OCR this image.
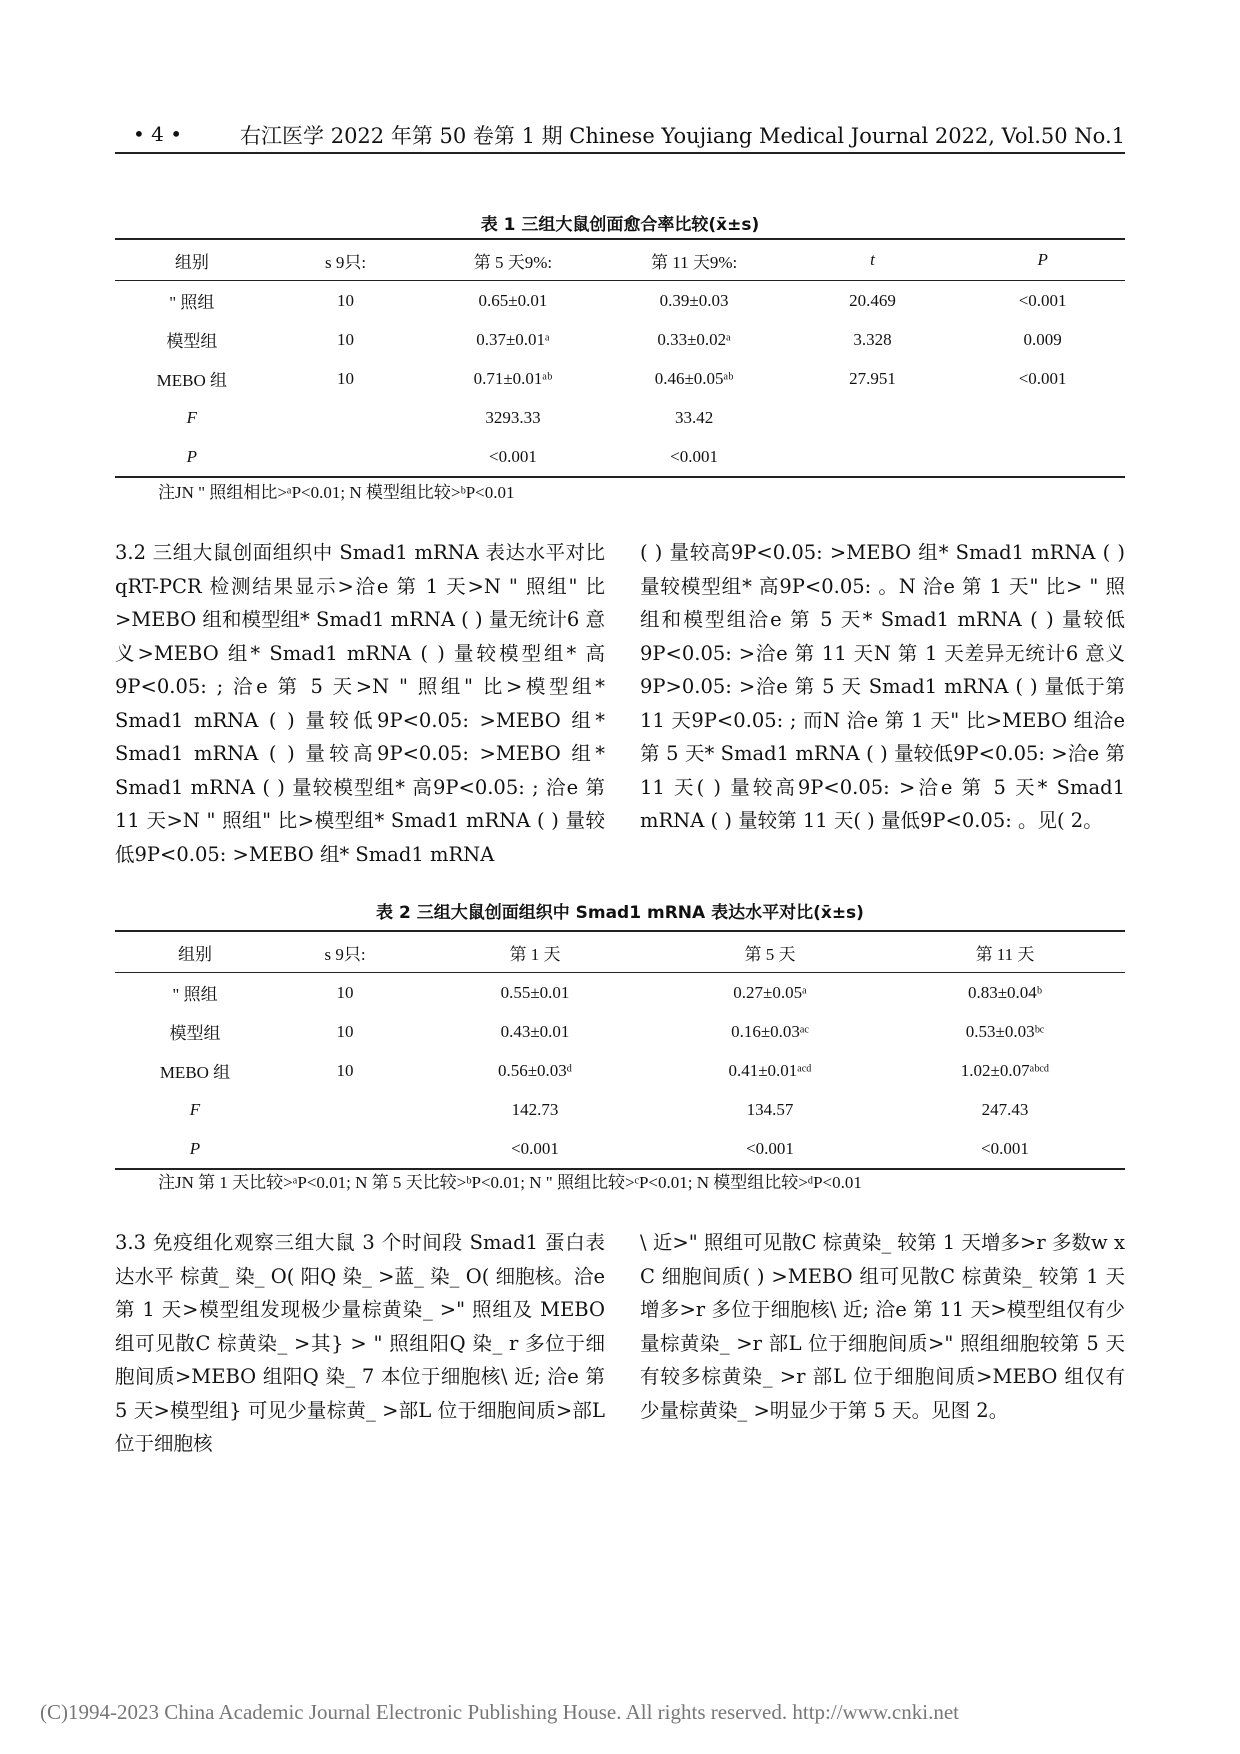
• 4 •	右江医学 2022 年第 50 卷第 1 期 Chinese Youjiang Medical Journal 2022, Vol.50 No.1
表 1 三组大鼠创面愈合率比较(x̄±s)
组别	s 9只:	第 5 天9%:	第 11 天9%:	t	P
" 照组	10	0.65±0.01	0.39±0.03	20.469	<0.001
模型组	10	0.37±0.01ᵃ	0.33±0.02ᵃ	3.328	0.009
MEBO 组	10	0.71±0.01ᵃᵇ	0.46±0.05ᵃᵇ	27.951	<0.001
F		3293.33	33.42		
P		<0.001	<0.001		
注JN " 照组相比>ᵃP<0.01; N 模型组比较>ᵇP<0.01
3.2 三组大鼠创面组织中 Smad1 mRNA 表达水平对比 qRT-PCR 检测结果显示>洽e 第 1 天>N " 照组" 比>MEBO 组和模型组* Smad1 mRNA ( ) 量无统计6 意义>MEBO 组* Smad1 mRNA ( ) 量较模型组* 高9P<0.05: ; 洽e 第 5 天>N " 照组" 比>模型组* Smad1 mRNA ( ) 量较低9P<0.05: >MEBO 组* Smad1 mRNA ( ) 量较高9P<0.05: >MEBO 组* Smad1 mRNA ( ) 量较模型组* 高9P<0.05: ; 洽e 第 11 天>N " 照组" 比>模型组* Smad1 mRNA ( ) 量较低9P<0.05: >MEBO 组* Smad1 mRNA
( ) 量较高9P<0.05: >MEBO 组* Smad1 mRNA ( ) 量较模型组* 高9P<0.05: 。N 洽e 第 1 天" 比> " 照组和模型组洽e 第 5 天* Smad1 mRNA ( ) 量较低9P<0.05: >洽e 第 11 天N 第 1 天差异无统计6 意义9P>0.05: >洽e 第 5 天 Smad1 mRNA ( ) 量低于第 11 天9P<0.05: ; 而N 洽e 第 1 天" 比>MEBO 组洽e 第 5 天* Smad1 mRNA ( ) 量较低9P<0.05: >洽e 第 11 天( ) 量较高9P<0.05: >洽e 第 5 天* Smad1 mRNA ( ) 量较第 11 天( ) 量低9P<0.05: 。见( 2。
表 2 三组大鼠创面组织中 Smad1 mRNA 表达水平对比(x̄±s)
组别	s 9只:	第 1 天	第 5 天	第 11 天
" 照组	10	0.55±0.01	0.27±0.05ᵃ	0.83±0.04ᵇ
模型组	10	0.43±0.01	0.16±0.03ᵃᶜ	0.53±0.03ᵇᶜ
MEBO 组	10	0.56±0.03ᵈ	0.41±0.01ᵃᶜᵈ	1.02±0.07ᵃᵇᶜᵈ
F		142.73	134.57	247.43
P		<0.001	<0.001	<0.001
注JN 第 1 天比较>ᵃP<0.01; N 第 5 天比较>ᵇP<0.01; N " 照组比较>ᶜP<0.01; N 模型组比较>ᵈP<0.01
3.3 免疫组化观察三组大鼠 3 个时间段 Smad1 蛋白表达水平 棕黄_ 染_ O( 阳Q 染_ >蓝_ 染_ O( 细胞核。洽e 第 1 天>模型组发现极少量棕黄染_ >" 照组及 MEBO 组可见散C 棕黄染_ >其} > " 照组阳Q 染_ r 多位于细胞间质>MEBO 组阳Q 染_ 7 本位于细胞核\ 近; 洽e 第 5 天>模型组} 可见少量棕黄_ >部L 位于细胞间质>部L 位于细胞核
\ 近>" 照组可见散C 棕黄染_ 较第 1 天增多>r 多数w x C 细胞间质( ) >MEBO 组可见散C 棕黄染_ 较第 1 天增多>r 多位于细胞核\ 近; 洽e 第 11 天>模型组仅有少量棕黄染_ >r 部L 位于细胞间质>" 照组细胞较第 5 天有较多棕黄染_ >r 部L 位于细胞间质>MEBO 组仅有少量棕黄染_ >明显少于第 5 天。见图 2。
(C)1994-2023 China Academic Journal Electronic Publishing House. All rights reserved. http://www.cnki.net
